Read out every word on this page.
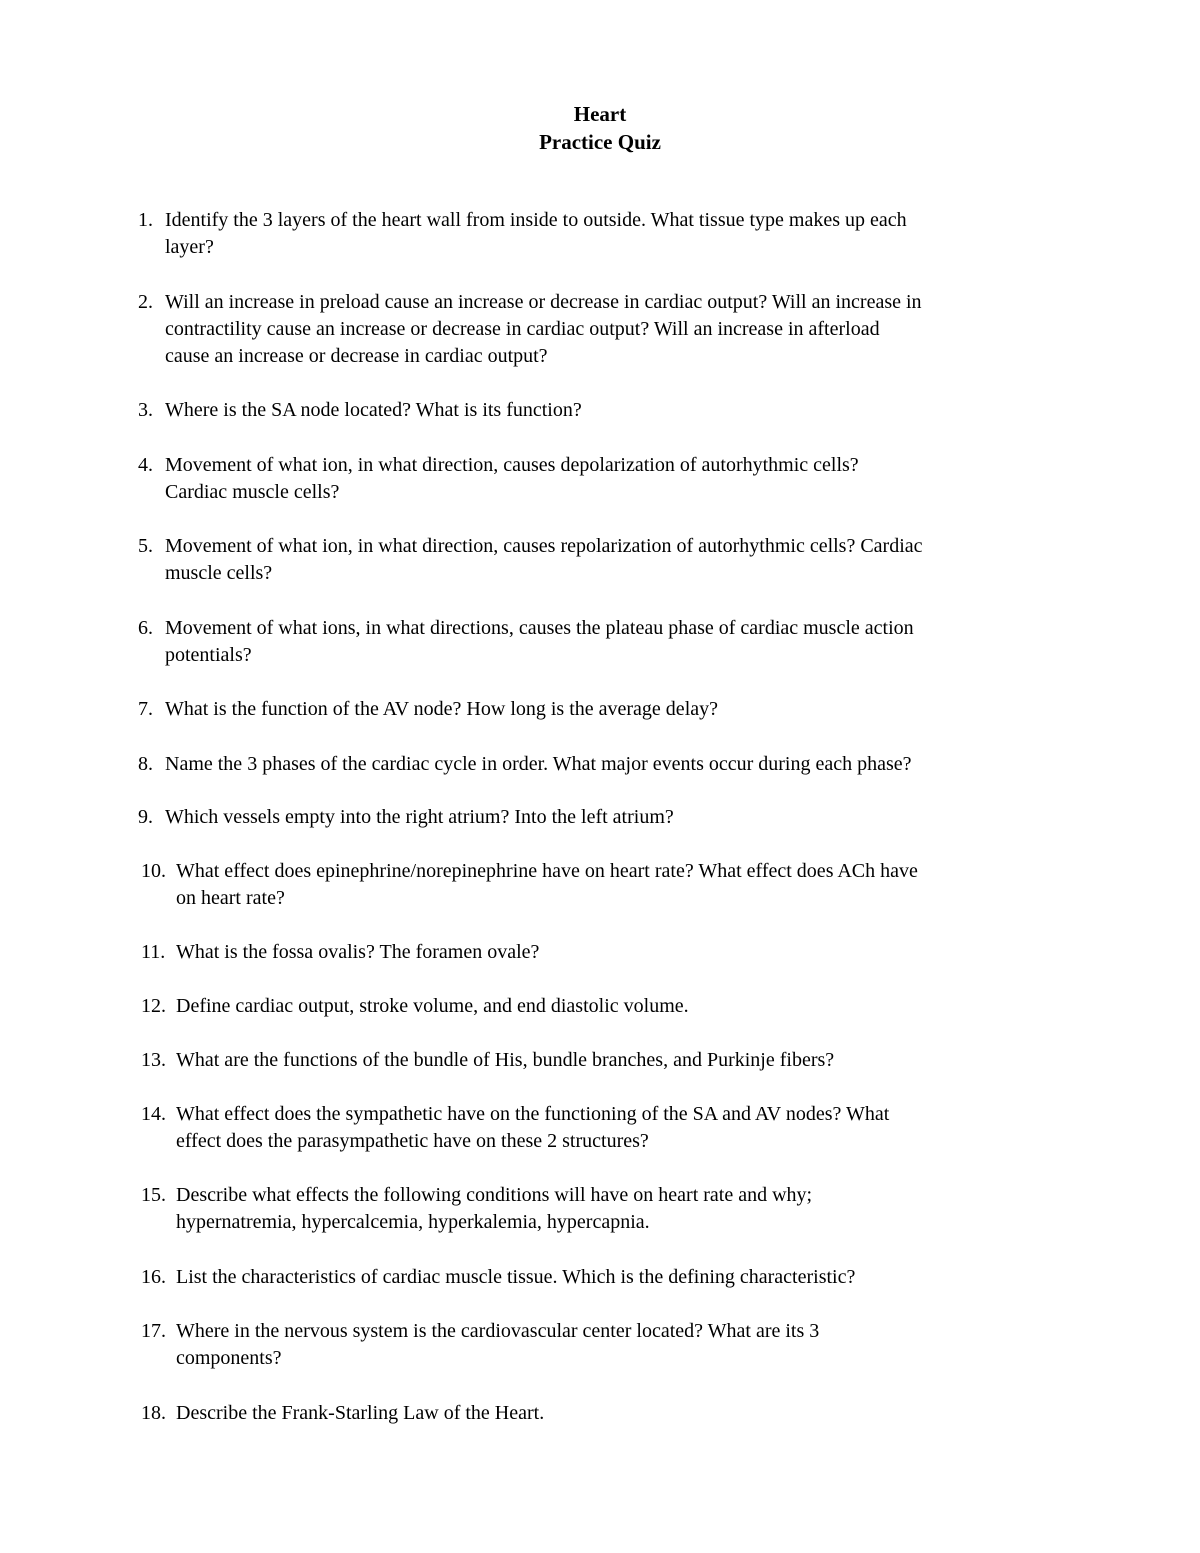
Heart
Practice Quiz
1. Identify the 3 layers of the heart wall from inside to outside. What tissue type makes up each
layer?
2. Will an increase in preload cause an increase or decrease in cardiac output? Will an increase in
contractility cause an increase or decrease in cardiac output? Will an increase in afterload
cause an increase or decrease in cardiac output?
3. Where is the SA node located? What is its function?
4. Movement of what ion, in what direction, causes depolarization of autorhythmic cells?
Cardiac muscle cells?
5. Movement of what ion, in what direction, causes repolarization of autorhythmic cells? Cardiac
muscle cells?
6. Movement of what ions, in what directions, causes the plateau phase of cardiac muscle action
potentials?
7. What is the function of the AV node? How long is the average delay?
8. Name the 3 phases of the cardiac cycle in order. What major events occur during each phase?
9. Which vessels empty into the right atrium? Into the left atrium?
10. What effect does epinephrine/norepinephrine have on heart rate? What effect does ACh have
on heart rate?
11. What is the fossa ovalis? The foramen ovale?
12. Define cardiac output, stroke volume, and end diastolic volume.
13. What are the functions of the bundle of His, bundle branches, and Purkinje fibers?
14. What effect does the sympathetic have on the functioning of the SA and AV nodes? What
effect does the parasympathetic have on these 2 structures?
15. Describe what effects the following conditions will have on heart rate and why;
hypernatremia, hypercalcemia, hyperkalemia, hypercapnia.
16. List the characteristics of cardiac muscle tissue. Which is the defining characteristic?
17. Where in the nervous system is the cardiovascular center located? What are its 3
components?
18. Describe the Frank-Starling Law of the Heart.
